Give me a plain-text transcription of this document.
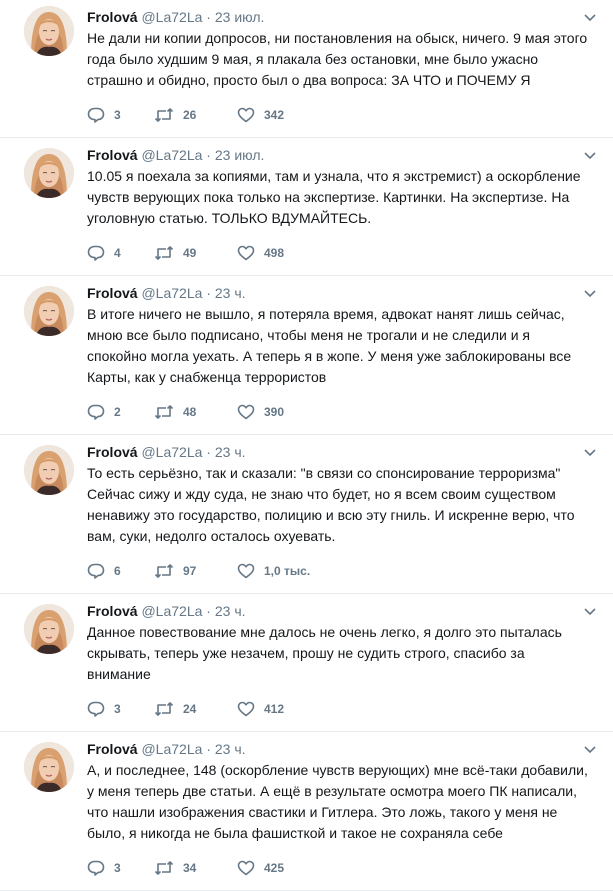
Frolová @La72La · 23 июл.

Не дали ни копии допросов, ни постановления на обыск, ничего. 9 мая этого
года было худшим 9 мая, я плакала без остановки, мне было ужасно
страшно и обидно, просто был о два вопроса: ЗА ЧТО и ПОЧЕМУ Я

3	26	342
Frolová @La72La · 23 июл.

10.05 я поехала за копиями, там и узнала, что я экстремист) а оскорбление
чувств верующих пока только на экспертизе. Картинки. На экспертизе. На
уголовную статью. ТОЛЬКО ВДУМАЙТЕСЬ.

4	49	498
Frolová @La72La · 23 ч.

В итоге ничего не вышло, я потеряла время, адвокат нанят лишь сейчас,
мною все было подписано, чтобы меня не трогали и не следили и я
спокойно могла уехать. А теперь я в жопе. У меня уже заблокированы все
Карты, как у снабженца террористов

2	48	390
Frolová @La72La · 23 ч.

То есть серьёзно, так и сказали: "в связи со спонсирование терроризма"
Сейчас сижу и жду суда, не знаю что будет, но я всем своим существом
ненавижу это государство, полицию и всю эту гниль. И искренне верю, что
вам, суки, недолго осталось охуевать.

6	97	1,0 тыс.
Frolová @La72La · 23 ч.

Данное повествование мне далось не очень легко, я долго это пыталась
скрывать, теперь уже незачем, прошу не судить строго, спасибо за внимание

3	24	412
Frolová @La72La · 23 ч.

А, и последнее, 148 (оскорбление чувств верующих) мне всё-таки добавили,
у меня теперь две статьи. А ещё в результате осмотра моего ПК написали,
что нашли изображения свастики и Гитлера. Это ложь, такого у меня не
было, я никогда не была фашисткой и такое не сохраняла себе

3	34	425
